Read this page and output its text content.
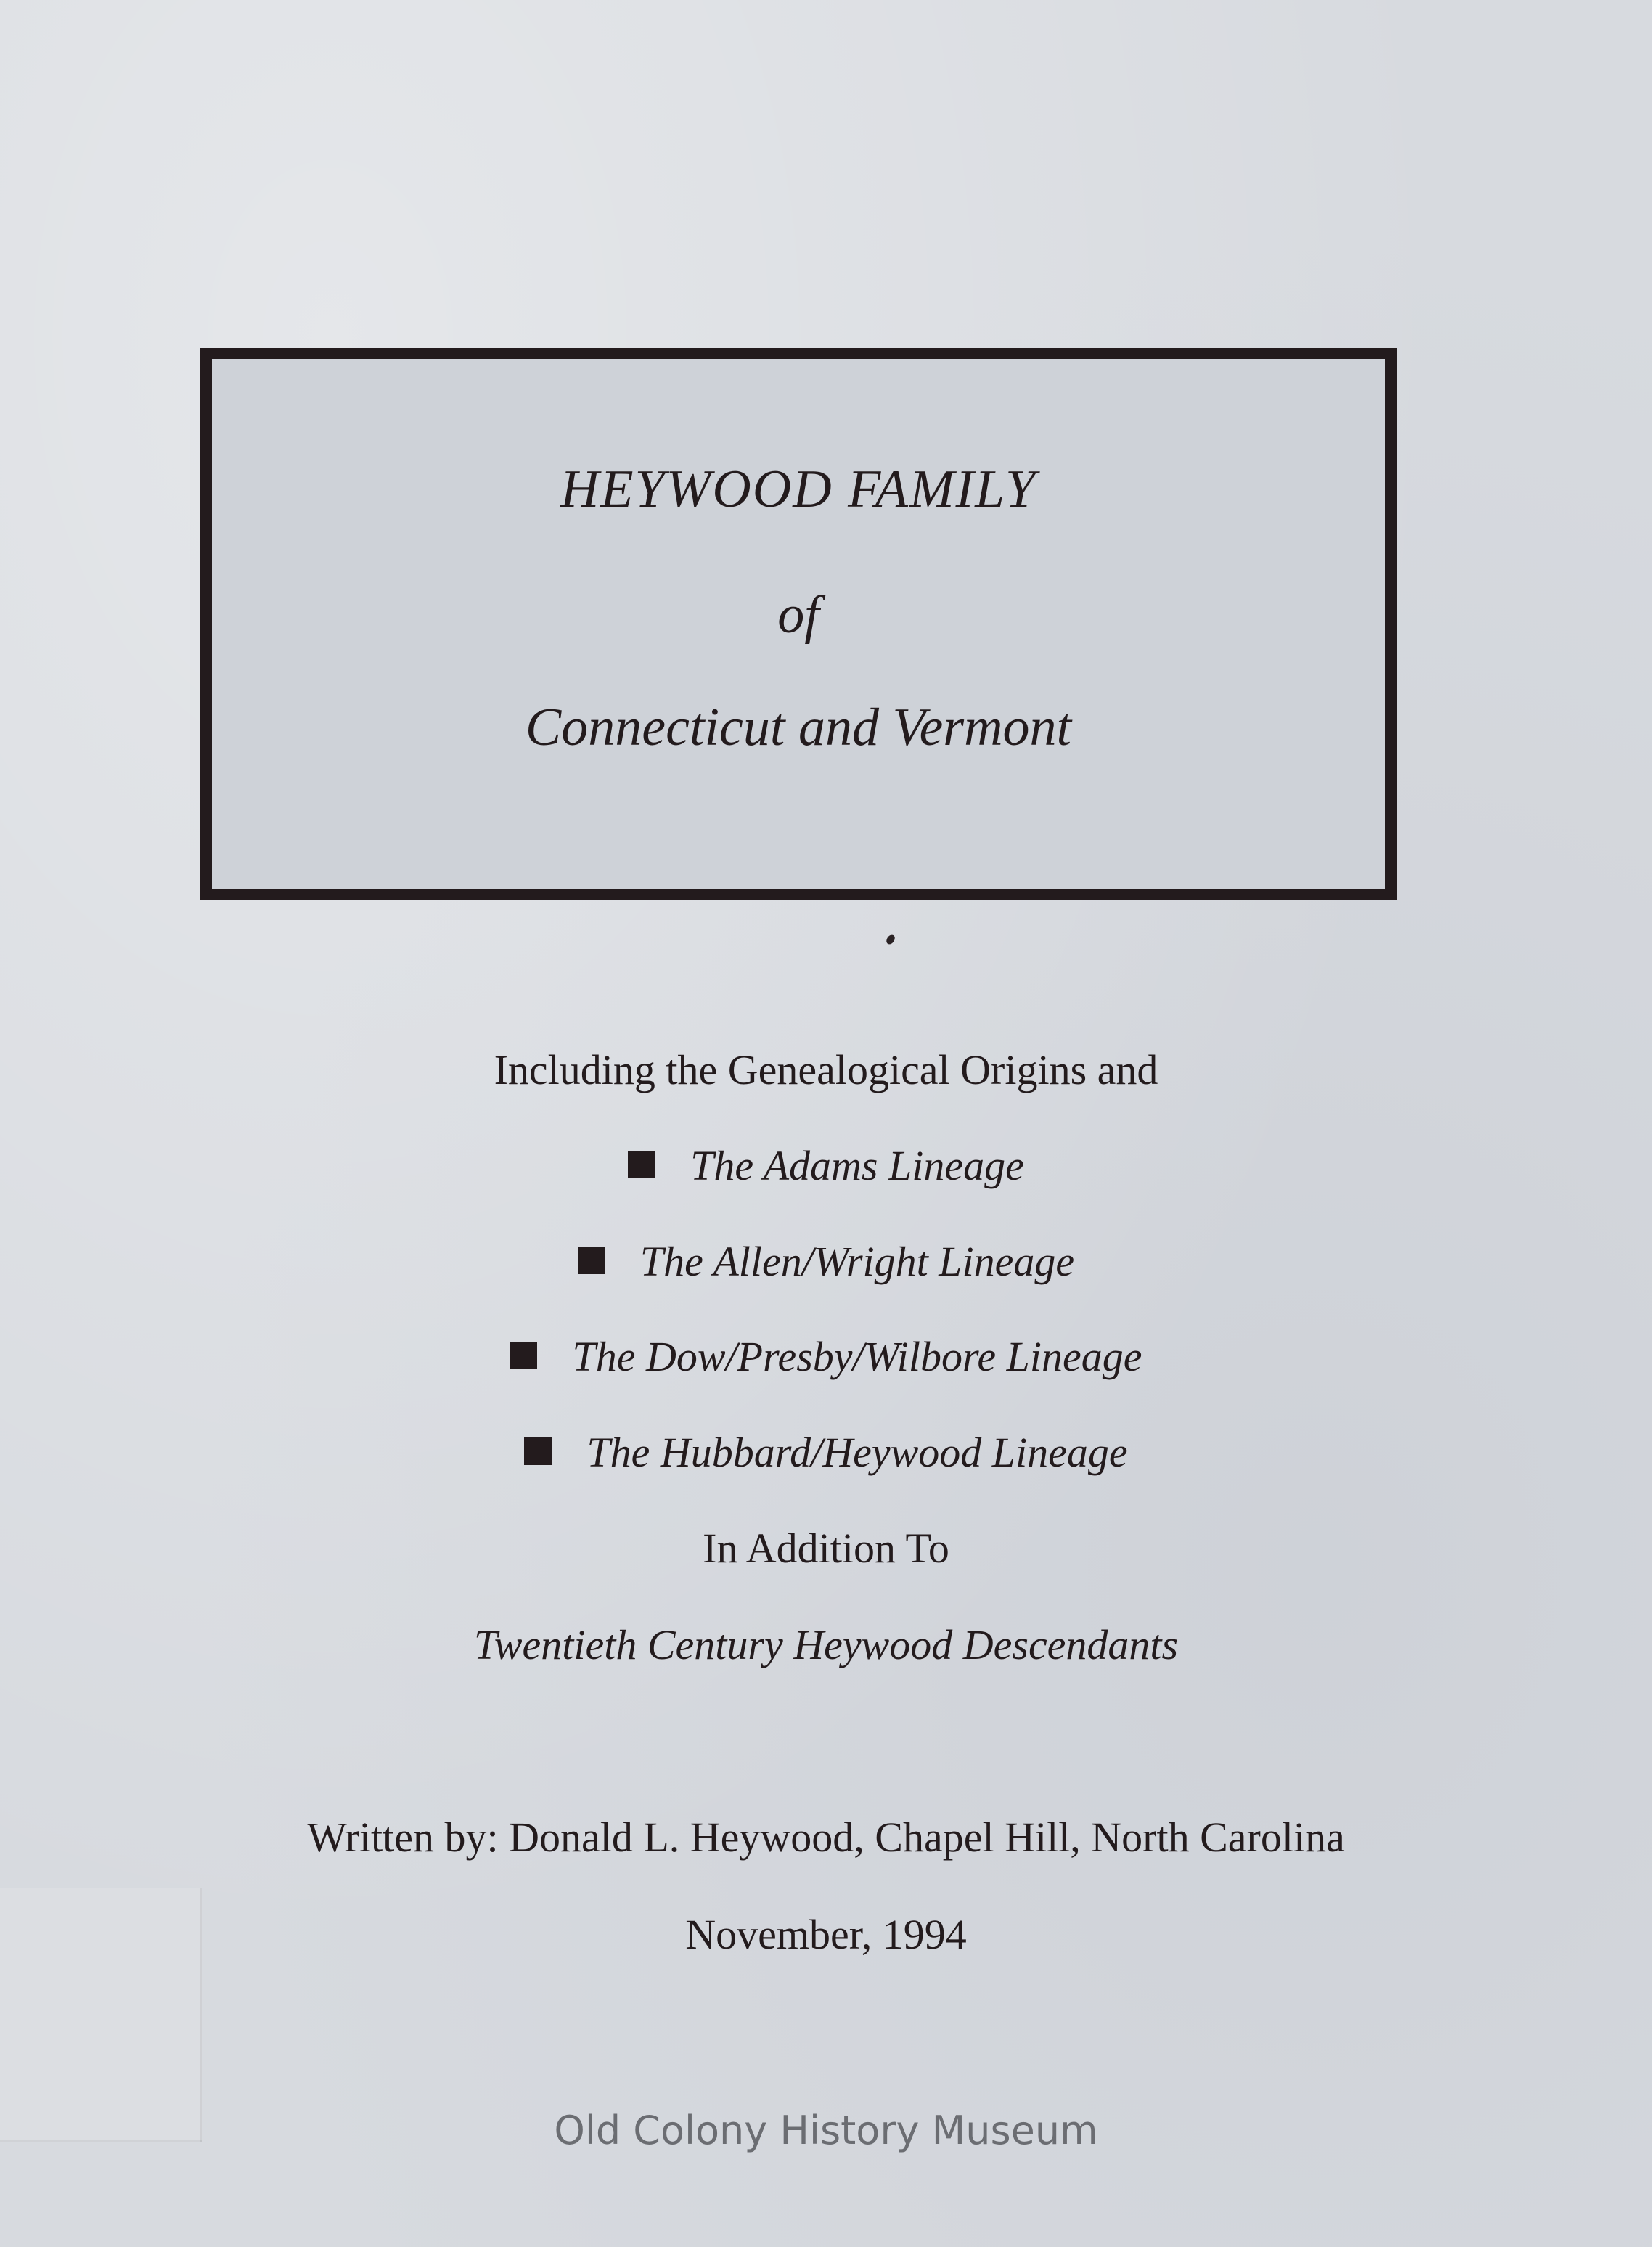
HEYWOOD FAMILY
of
Connecticut and Vermont

Including the Genealogical Origins and

The Adams Lineage

The Allen/Wright Lineage

The Dow/Presby/Wilbore Lineage

The Hubbard/Heywood Lineage

In Addition To

Twentieth Century Heywood Descendants

Written by: Donald L. Heywood, Chapel Hill, North Carolina

November, 1994

Old Colony History Museum
